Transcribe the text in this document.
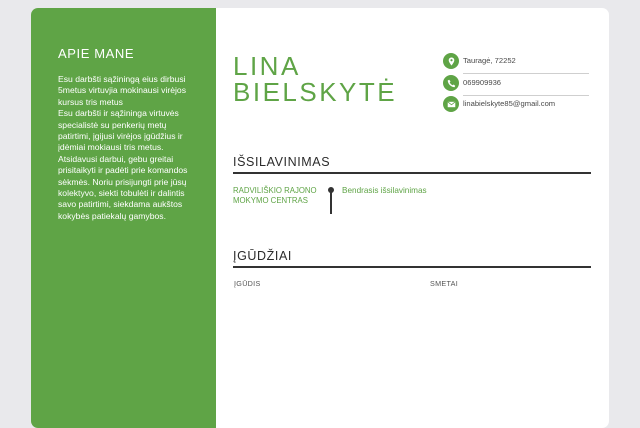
APIE MANE
Esu darbšti sąžiningą eius dirbusi 5metus virtuvjia mokinausi virėjos kursus tris metus
Esu darbšti ir sąžininga virtuvės specialistė su penkerių metų patirtimi, įgijusi virėjos įgūdžius ir įdėmiai mokiausi tris metus. Atsidavusi darbui, gebu greitai prisitaikyti ir padėti prie komandos sėkmės. Noriu prisijungti prie jūsų kolektyvo, siekti tobulėti ir dalintis savo patirtimi, siekdama aukštos kokybės patiekalų gamybos.
LINA
BIELSKYTĖ
Tauragė, 72252
069909936
linabielskyte85@gmail.com
IŠSILAVINIMAS
RADVILIŠKIO RAJONO MOKYMO CENTRAS
Bendrasis išsilavinimas
ĮGŪDŽIAI
ĮGŪDIS	SMETAI
